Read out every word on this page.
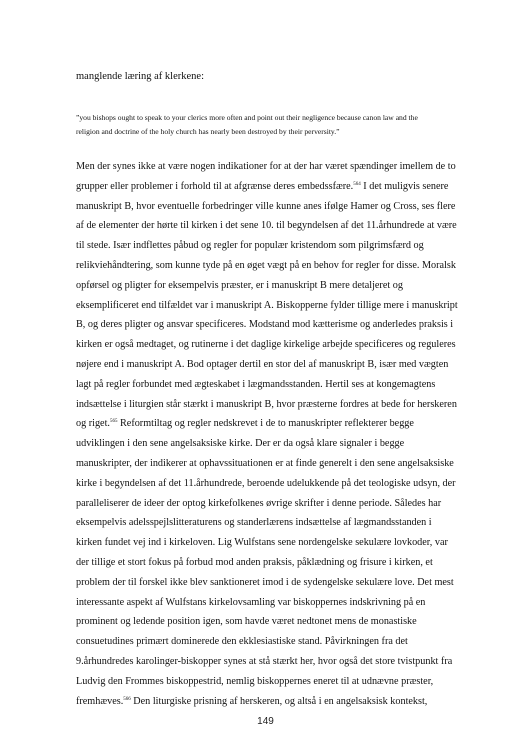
manglende læring af klerkene:

”you bishops ought to speak to your clerics more often and point out their negligence because canon law and the
religion and doctrine of the holy church has nearly been destroyed by their perversity.”

Men der synes ikke at være nogen indikationer for at der har været spændinger imellem de to
grupper eller problemer i forhold til at afgrænse deres embedssfære.$^{564}$ I det muligvis senere
manuskript B, hvor eventuelle forbedringer ville kunne anes ifølge Hamer og Cross, ses flere
af de elementer der hørte til kirken i det sene 10. til begyndelsen af det 11.århundrede at være
til stede. Især indflettes påbud og regler for populær kristendom som pilgrimsfærd og
relikviehåndtering, som kunne tyde på en øget vægt på en behov for regler for disse. Moralsk
opførsel og pligter for eksempelvis præster, er i manuskript B mere detaljeret og
eksemplificeret end tilfældet var i manuskript A. Biskopperne fylder tillige mere i manuskript
B, og deres pligter og ansvar specificeres. Modstand mod kætterisme og anderledes praksis i
kirken er også medtaget, og rutinerne i det daglige kirkelige arbejde specificeres og reguleres
nøjere end i manuskript A. Bod optager dertil en stor del af manuskript B, især med vægten
lagt på regler forbundet med ægteskabet i lægmandsstanden. Hertil ses at kongemagtens
indsættelse i liturgien står stærkt i manuskript B, hvor præsterne fordres at bede for herskeren
og riget.$^{565}$ Reformtiltag og regler nedskrevet i de to manuskripter reflekterer begge
udviklingen i den sene angelsaksiske kirke. Der er da også klare signaler i begge
manuskripter, der indikerer at ophavssituationen er at finde generelt i den sene angelsaksiske
kirke i begyndelsen af det 11.århundrede, beroende udelukkende på det teologiske udsyn, der
paralleliserer de ideer der optog kirkefolkenes øvrige skrifter i denne periode. Således har
eksempelvis adelsspejlslitteraturens og standerlærens indsættelse af lægmandsstanden i
kirken fundet vej ind i kirkeloven. Lig Wulfstans sene nordengelske sekulære lovkoder, var
der tillige et stort fokus på forbud mod anden praksis, påklædning og frisure i kirken, et
problem der til forskel ikke blev sanktioneret imod i de sydengelske sekulære love. Det mest
interessante aspekt af Wulfstans kirkelovsamling var biskoppernes indskrivning på en
prominent og ledende position igen, som havde været nedtonet mens de monastiske
consuetudines primært dominerede den ekklesiastiske stand. Påvirkningen fra det
9.århundredes karolinger-biskopper synes at stå stærkt her, hvor også det store tvistpunkt fra
Ludvig den Frommes biskoppestrid, nemlig biskoppernes eneret til at udnævne præster,
fremhæves.$^{566}$ Den liturgiske prisning af herskeren, og altså i en angelsaksisk kontekst,

149
